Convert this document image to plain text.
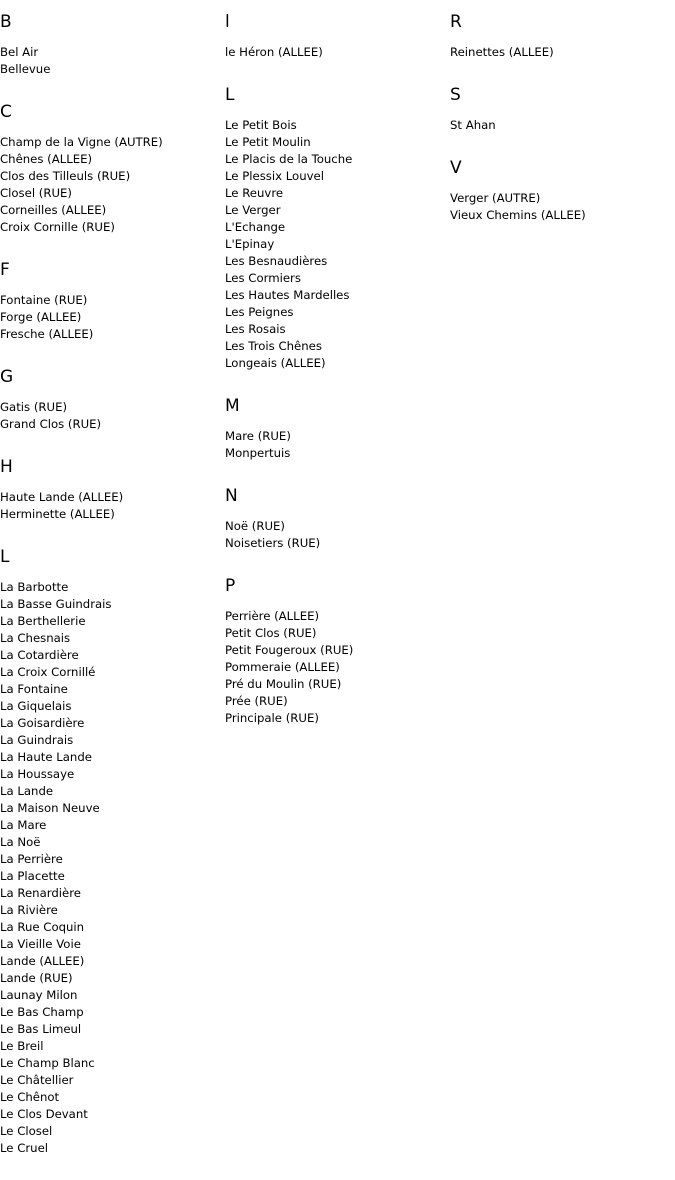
B
Bel Air
Bellevue
C
Champ de la Vigne (AUTRE)
Chênes (ALLEE)
Clos des Tilleuls (RUE)
Closel (RUE)
Corneilles (ALLEE)
Croix Cornille (RUE)
F
Fontaine (RUE)
Forge (ALLEE)
Fresche (ALLEE)
G
Gatis (RUE)
Grand Clos (RUE)
H
Haute Lande (ALLEE)
Herminette (ALLEE)
L
La Barbotte
La Basse Guindrais
La Berthellerie
La Chesnais
La Cotardière
La Croix Cornillé
La Fontaine
La Giquelais
La Goisardière
La Guindrais
La Haute Lande
La Houssaye
La Lande
La Maison Neuve
La Mare
La Noë
La Perrière
La Placette
La Renardière
La Rivière
La Rue Coquin
La Vieille Voie
Lande (ALLEE)
Lande (RUE)
Launay Milon
Le Bas Champ
Le Bas Limeul
Le Breil
Le Champ Blanc
Le Châtellier
Le Chênot
Le Clos Devant
Le Closel
Le Cruel
l
le Héron (ALLEE)
L
Le Petit Bois
Le Petit Moulin
Le Placis de la Touche
Le Plessix Louvel
Le Reuvre
Le Verger
L'Echange
L'Epinay
Les Besnaudières
Les Cormiers
Les Hautes Mardelles
Les Peignes
Les Rosais
Les Trois Chênes
Longeais (ALLEE)
M
Mare (RUE)
Monpertuis
N
Noë (RUE)
Noisetiers (RUE)
P
Perrière (ALLEE)
Petit Clos (RUE)
Petit Fougeroux (RUE)
Pommeraie (ALLEE)
Pré du Moulin (RUE)
Prée (RUE)
Principale (RUE)
R
Reinettes (ALLEE)
S
St Ahan
V
Verger (AUTRE)
Vieux Chemins (ALLEE)
